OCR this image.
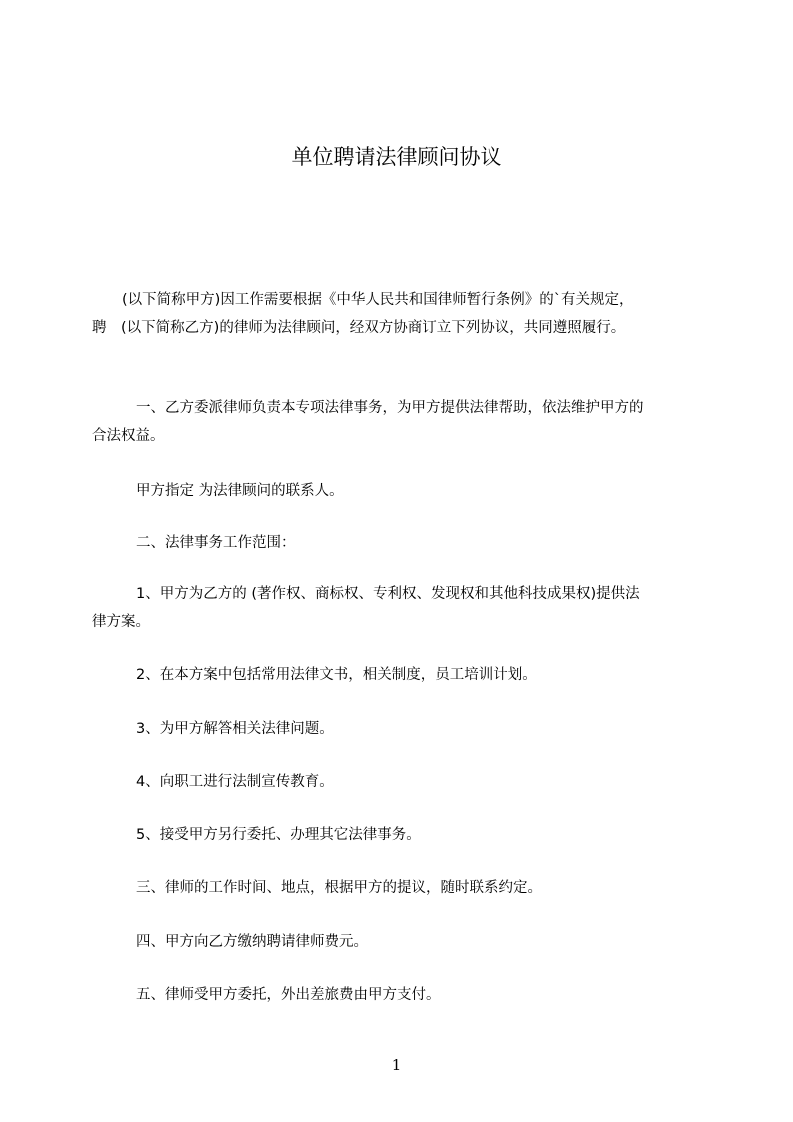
单位聘请法律顾问协议
(以下简称甲方)因工作需要根据《中华人民共和国律师暂行条例》的`有关规定，
聘　(以下简称乙方)的律师为法律顾问，经双方协商订立下列协议，共同遵照履行。
一、乙方委派律师负责本专项法律事务，为甲方提供法律帮助，依法维护甲方的
合法权益。
甲方指定 为法律顾问的联系人。
二、法律事务工作范围：
1、甲方为乙方的 (著作权、商标权、专利权、发现权和其他科技成果权)提供法
律方案。
2、在本方案中包括常用法律文书，相关制度，员工培训计划。
3、为甲方解答相关法律问题。
4、向职工进行法制宣传教育。
5、接受甲方另行委托、办理其它法律事务。
三、律师的工作时间、地点，根据甲方的提议，随时联系约定。
四、甲方向乙方缴纳聘请律师费元。
五、律师受甲方委托，外出差旅费由甲方支付。
1
